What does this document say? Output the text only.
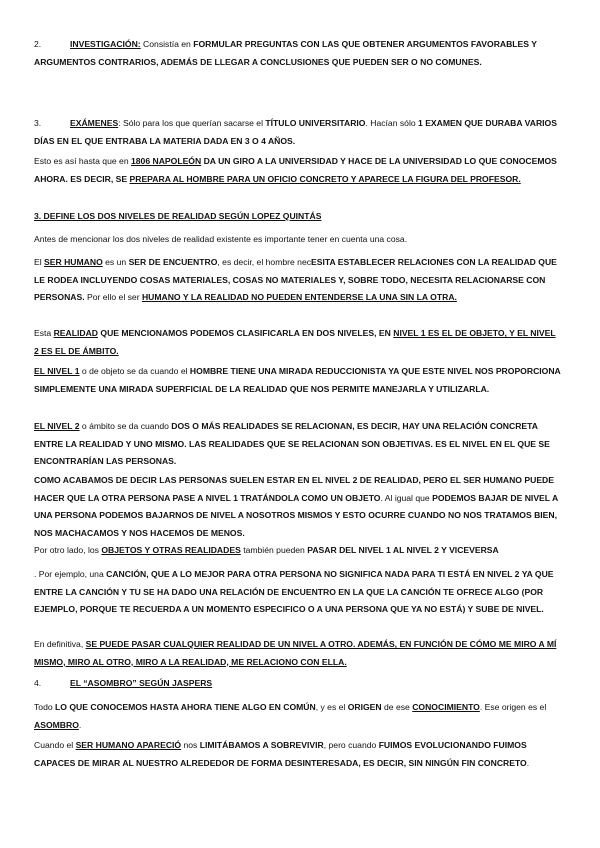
2.	INVESTIGACIÓN: Consistía en FORMULAR PREGUNTAS CON LAS QUE OBTENER ARGUMENTOS FAVORABLES Y ARGUMENTOS CONTRARIOS, ADEMÁS DE LLEGAR A CONCLUSIONES QUE PUEDEN SER O NO COMUNES.

3.	EXÁMENES: Sólo para los que querían sacarse el TÍTULO UNIVERSITARIO. Hacían sólo 1 EXAMEN QUE DURABA VARIOS DÍAS EN EL QUE ENTRABA LA MATERIA DADA EN 3 O 4 AÑOS.

Esto es así hasta que en 1806 NAPOLEÓN DA UN GIRO A LA UNIVERSIDAD Y HACE DE LA UNIVERSIDAD LO QUE CONOCEMOS AHORA. ES DECIR, SE PREPARA AL HOMBRE PARA UN OFICIO CONCRETO Y APARECE LA FIGURA DEL PROFESOR.

3. DEFINE LOS DOS NIVELES DE REALIDAD SEGÚN LOPEZ QUINTÁS

Antes de mencionar los dos niveles de realidad existente es importante tener en cuenta una cosa.

El SER HUMANO es un SER DE ENCUENTRO, es decir, el hombre necESITA ESTABLECER RELACIONES CON LA REALIDAD QUE LE RODEA INCLUYENDO COSAS MATERIALES, COSAS NO MATERIALES Y, SOBRE TODO, NECESITA RELACIONARSE CON PERSONAS. Por ello el ser HUMANO Y LA REALIDAD NO PUEDEN ENTENDERSE LA UNA SIN LA OTRA.

Esta REALIDAD QUE MENCIONAMOS PODEMOS CLASIFICARLA EN DOS NIVELES, EN NIVEL 1 ES EL DE OBJETO, Y EL NIVEL 2 ES EL DE ÁMBITO.

EL NIVEL 1 o de objeto se da cuando el HOMBRE TIENE UNA MIRADA REDUCCIONISTA YA QUE ESTE NIVEL NOS PROPORCIONA SIMPLEMENTE UNA MIRADA SUPERFICIAL DE LA REALIDAD QUE NOS PERMITE MANEJARLA Y UTILIZARLA.

EL NIVEL 2 o ámbito se da cuando DOS O MÁS REALIDADES SE RELACIONAN, ES DECIR, HAY UNA RELACIÓN CONCRETA ENTRE LA REALIDAD Y UNO MISMO. LAS REALIDADES QUE SE RELACIONAN SON OBJETIVAS. ES EL NIVEL EN EL QUE SE ENCONTRARÍAN LAS PERSONAS.

COMO ACABAMOS DE DECIR LAS PERSONAS SUELEN ESTAR EN EL NIVEL 2 DE REALIDAD, PERO EL SER HUMANO PUEDE HACER QUE LA OTRA PERSONA PASE A NIVEL 1 TRATÁNDOLA COMO UN OBJETO. Al igual que PODEMOS BAJAR DE NIVEL A UNA PERSONA PODEMOS BAJARNOS DE NIVEL A NOSOTROS MISMOS Y ESTO OCURRE CUANDO NO NOS TRATAMOS BIEN, NOS MACHACAMOS Y NOS HACEMOS DE MENOS.

Por otro lado, los OBJETOS Y OTRAS REALIDADES también pueden PASAR DEL NIVEL 1 AL NIVEL 2 Y VICEVERSA

. Por ejemplo, una CANCIÓN, QUE A LO MEJOR PARA OTRA PERSONA NO SIGNIFICA NADA PARA TI ESTÁ EN NIVEL 2 YA QUE ENTRE LA CANCIÓN Y TU SE HA DADO UNA RELACIÓN DE ENCUENTRO EN LA QUE LA CANCIÓN TE OFRECE ALGO (POR EJEMPLO, PORQUE TE RECUERDA A UN MOMENTO ESPECIFICO O A UNA PERSONA QUE YA NO ESTÁ) Y SUBE DE NIVEL.

En definitiva, SE PUEDE PASAR CUALQUIER REALIDAD DE UN NIVEL A OTRO. ADEMÁS, EN FUNCIÓN DE CÓMO ME MIRO A MÍ MISMO, MIRO AL OTRO, MIRO A LA REALIDAD, ME RELACIONO CON ELLA.

4.	EL “ASOMBRO” SEGÚN JASPERS

Todo LO QUE CONOCEMOS HASTA AHORA TIENE ALGO EN COMÚN, y es el ORIGEN de ese CONOCIMIENTO. Ese origen es el ASOMBRO.

Cuando el SER HUMANO APARECIÓ nos LIMITÁBAMOS A SOBREVIVIR, pero cuando FUIMOS EVOLUCIONANDO FUIMOS CAPACES DE MIRAR AL NUESTRO ALREDEDOR DE FORMA DESINTERESADA, ES DECIR, SIN NINGÚN FIN CONCRETO.
